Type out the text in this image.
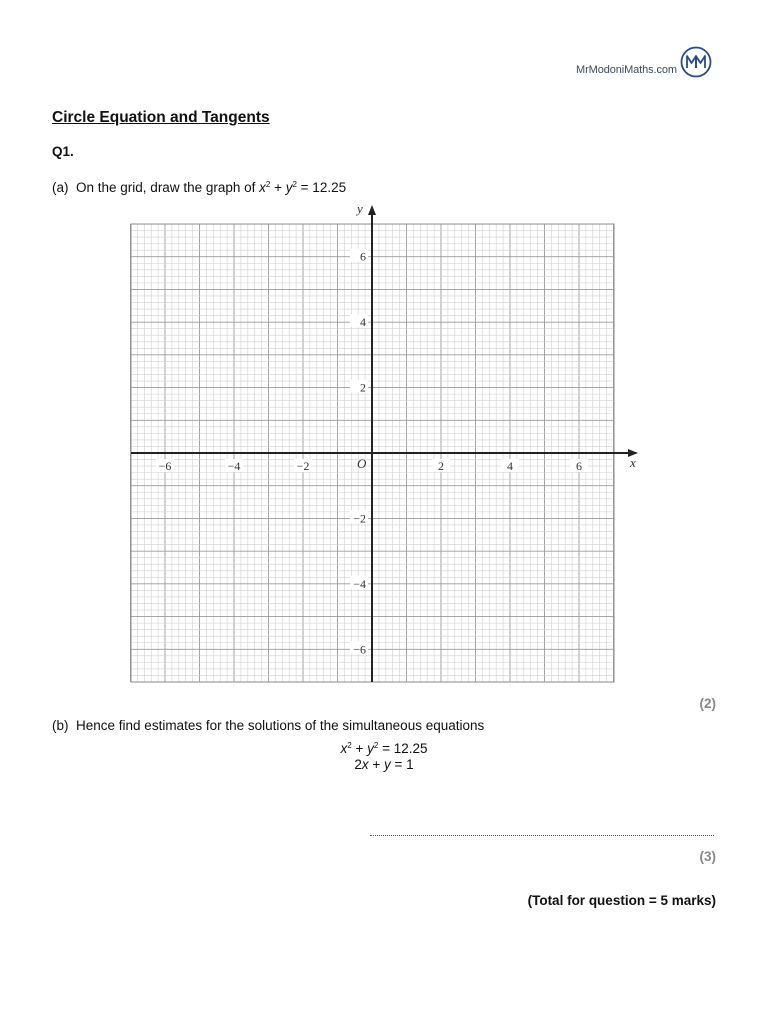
MrModoniMaths.com
Circle Equation and Tangents
Q1.
(a) On the grid, draw the graph of $x^2 + y^2 = 12.25$
x
y
O
−6	−4	−2	2	4	6
−6
−4
−2
2
4
6
(2)
(b) Hence find estimates for the solutions of the simultaneous equations
$x^2 + y^2 = 12.25$
2x + y = 1
(3)
(Total for question = 5 marks)
